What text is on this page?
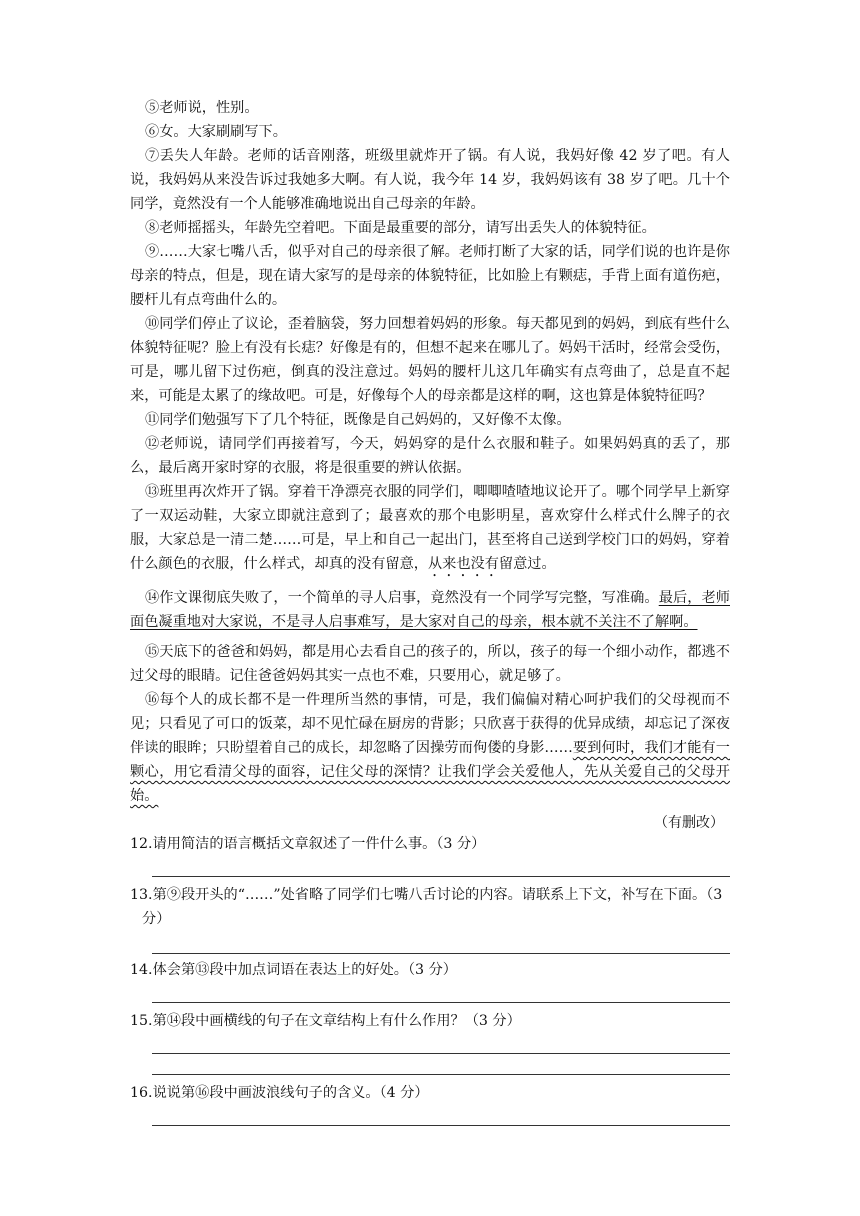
⑤老师说，性别。

⑥女。大家刷刷写下。

⑦丢失人年龄。老师的话音刚落，班级里就炸开了锅。有人说，我妈好像 42 岁了吧。有人说，我妈妈从来没告诉过我她多大啊。有人说，我今年 14 岁，我妈妈该有 38 岁了吧。几十个同学，竟然没有一个人能够准确地说出自己母亲的年龄。

⑧老师摇摇头，年龄先空着吧。下面是最重要的部分，请写出丢失人的体貌特征。

⑨……大家七嘴八舌，似乎对自己的母亲很了解。老师打断了大家的话，同学们说的也许是你母亲的特点，但是，现在请大家写的是母亲的体貌特征，比如脸上有颗痣，手背上面有道伤疤，腰杆儿有点弯曲什么的。

⑩同学们停止了议论，歪着脑袋，努力回想着妈妈的形象。每天都见到的妈妈，到底有些什么体貌特征呢？脸上有没有长痣？好像是有的，但想不起来在哪儿了。妈妈干活时，经常会受伤，可是，哪儿留下过伤疤，倒真的没注意过。妈妈的腰杆儿这几年确实有点弯曲了，总是直不起来，可能是太累了的缘故吧。可是，好像每个人的母亲都是这样的啊，这也算是体貌特征吗？

⑪同学们勉强写下了几个特征，既像是自己妈妈的，又好像不太像。

⑫老师说，请同学们再接着写，今天，妈妈穿的是什么衣服和鞋子。如果妈妈真的丢了，那么，最后离开家时穿的衣服，将是很重要的辨认依据。

⑬班里再次炸开了锅。穿着干净漂亮衣服的同学们，唧唧喳喳地议论开了。哪个同学早上新穿了一双运动鞋，大家立即就注意到了；最喜欢的那个电影明星，喜欢穿什么样式什么牌子的衣服，大家总是一清二楚……可是，早上和自己一起出门，甚至将自己送到学校门口的妈妈，穿着什么颜色的衣服，什么样式，却真的没有留意，从来也没有留意过。

⑭作文课彻底失败了，一个简单的寻人启事，竟然没有一个同学写完整，写准确。最后，老师面色凝重地对大家说，不是寻人启事难写，是大家对自己的母亲，根本就不关注不了解啊。

⑮天底下的爸爸和妈妈，都是用心去看自己的孩子的，所以，孩子的每一个细小动作，都逃不过父母的眼睛。记住爸爸妈妈其实一点也不难，只要用心，就足够了。

⑯每个人的成长都不是一件理所当然的事情，可是，我们偏偏对精心呵护我们的父母视而不见；只看见了可口的饭菜，却不见忙碌在厨房的背影；只欣喜于获得的优异成绩，却忘记了深夜伴读的眼眸；只盼望着自己的成长，却忽略了因操劳而佝偻的身影……要到何时，我们才能有一颗心，用它看清父母的面容，记住父母的深情？让我们学会关爱他人，先从关爱自己的父母开始。

（有删改）

12.请用简洁的语言概括文章叙述了一件什么事。（3 分）

13.第⑨段开头的“……”处省略了同学们七嘴八舌讨论的内容。请联系上下文，补写在下面。（3 分）

14.体会第⑬段中加点词语在表达上的好处。（3 分）

15.第⑭段中画横线的句子在文章结构上有什么作用？（3 分）

16.说说第⑯段中画波浪线句子的含义。（4 分）
